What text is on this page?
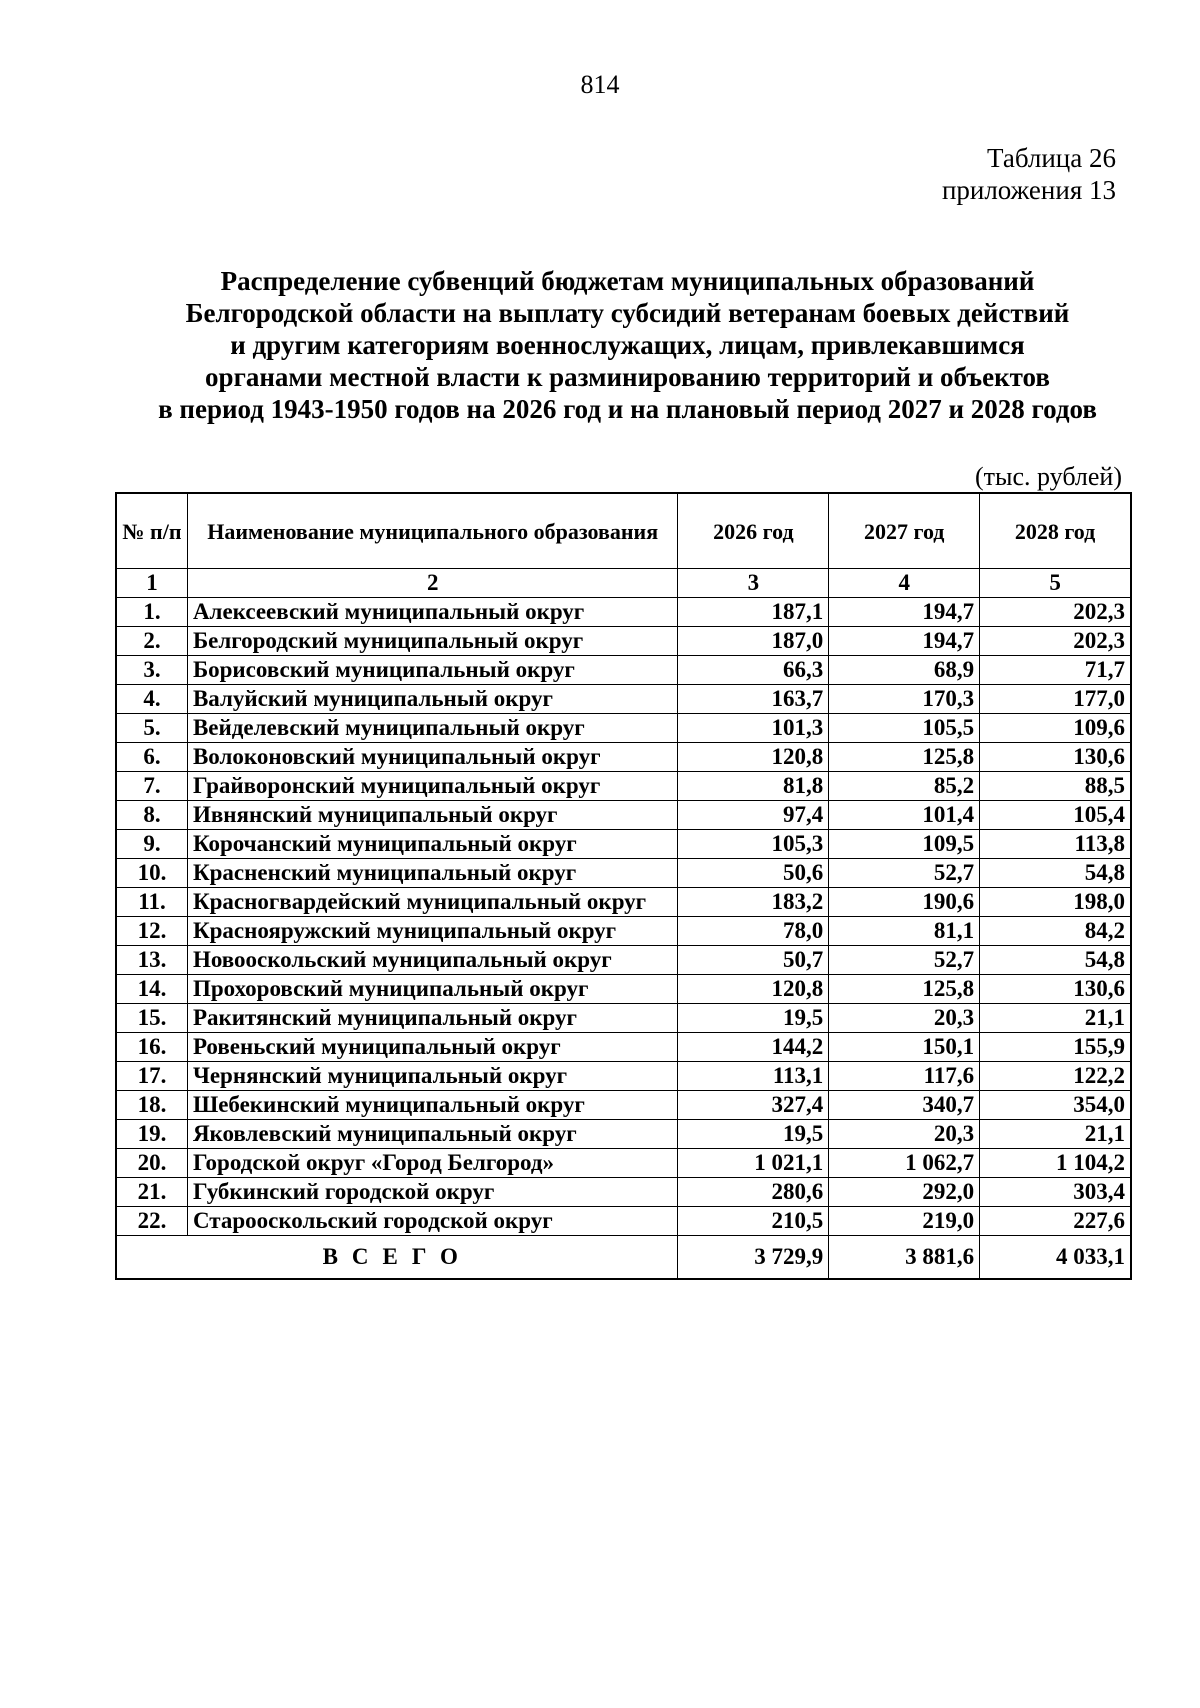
814
Таблица 26
приложения 13
Распределение субвенций бюджетам муниципальных образований
Белгородской области на выплату субсидий ветеранам боевых действий
и другим категориям военнослужащих, лицам, привлекавшимся
органами местной власти к разминированию территорий и объектов
в период 1943-1950 годов на 2026 год и на плановый период 2027 и 2028 годов
(тыс. рублей)
№ п/п	Наименование муниципального образования	2026 год	2027 год	2028 год
1	2	3	4	5
1.	Алексеевский муниципальный округ	187,1	194,7	202,3
2.	Белгородский муниципальный округ	187,0	194,7	202,3
3.	Борисовский муниципальный округ	66,3	68,9	71,7
4.	Валуйский муниципальный округ	163,7	170,3	177,0
5.	Вейделевский муниципальный округ	101,3	105,5	109,6
6.	Волоконовский муниципальный округ	120,8	125,8	130,6
7.	Грайворонский муниципальный округ	81,8	85,2	88,5
8.	Ивнянский муниципальный округ	97,4	101,4	105,4
9.	Корочанский муниципальный округ	105,3	109,5	113,8
10.	Красненский муниципальный округ	50,6	52,7	54,8
11.	Красногвардейский муниципальный округ	183,2	190,6	198,0
12.	Краснояружский муниципальный округ	78,0	81,1	84,2
13.	Новооскольский муниципальный округ	50,7	52,7	54,8
14.	Прохоровский муниципальный округ	120,8	125,8	130,6
15.	Ракитянский муниципальный округ	19,5	20,3	21,1
16.	Ровеньский муниципальный округ	144,2	150,1	155,9
17.	Чернянский муниципальный округ	113,1	117,6	122,2
18.	Шебекинский муниципальный округ	327,4	340,7	354,0
19.	Яковлевский муниципальный округ	19,5	20,3	21,1
20.	Городской округ «Город Белгород»	1 021,1	1 062,7	1 104,2
21.	Губкинский городской округ	280,6	292,0	303,4
22.	Старооскольский городской округ	210,5	219,0	227,6
ВСЕГО		3 729,9	3 881,6	4 033,1
